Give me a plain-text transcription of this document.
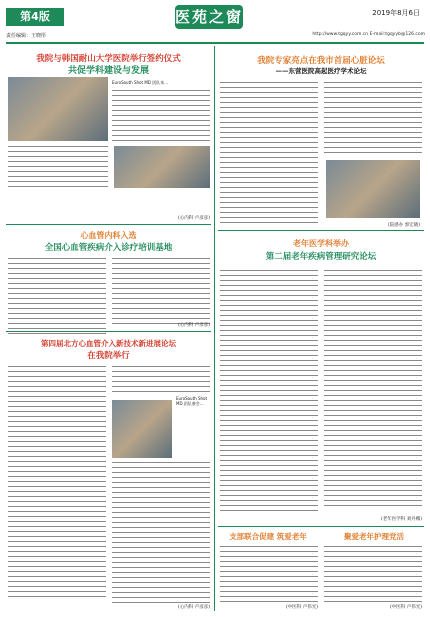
第4版
责任编辑：王晓彤
医苑之窗	2019年8月6日
http://www.tgqyy.com.cn E-mail:tgqyyb@126.com
我院与韩国耐山大学医院举行签约仪式
共促学科建设与发展
EuroSouth Shot MD 团队来…
(心内科 卢彦彦)
我院专家亮点在我市首届心脏论坛
——东营医院高起医疗学术论坛
(院感办 郭宏晓)
心血管内科入选
全国心血管疾病介入诊疗培训基地
(心内科 卢彦彦)
老年医学科举办
第二届老年疾病管理研究论坛
(老年医学科 刘丹娜)
第四届北方心血管介入新技术新进展论坛
在我院举行
EuroSouth Shot MD 团队参会…
(心内科 卢彦彦)
支部联合促建 筑爱老年
(中医科 卢伟光)
聚爱老年护理党活
(中医科 卢伟光)
